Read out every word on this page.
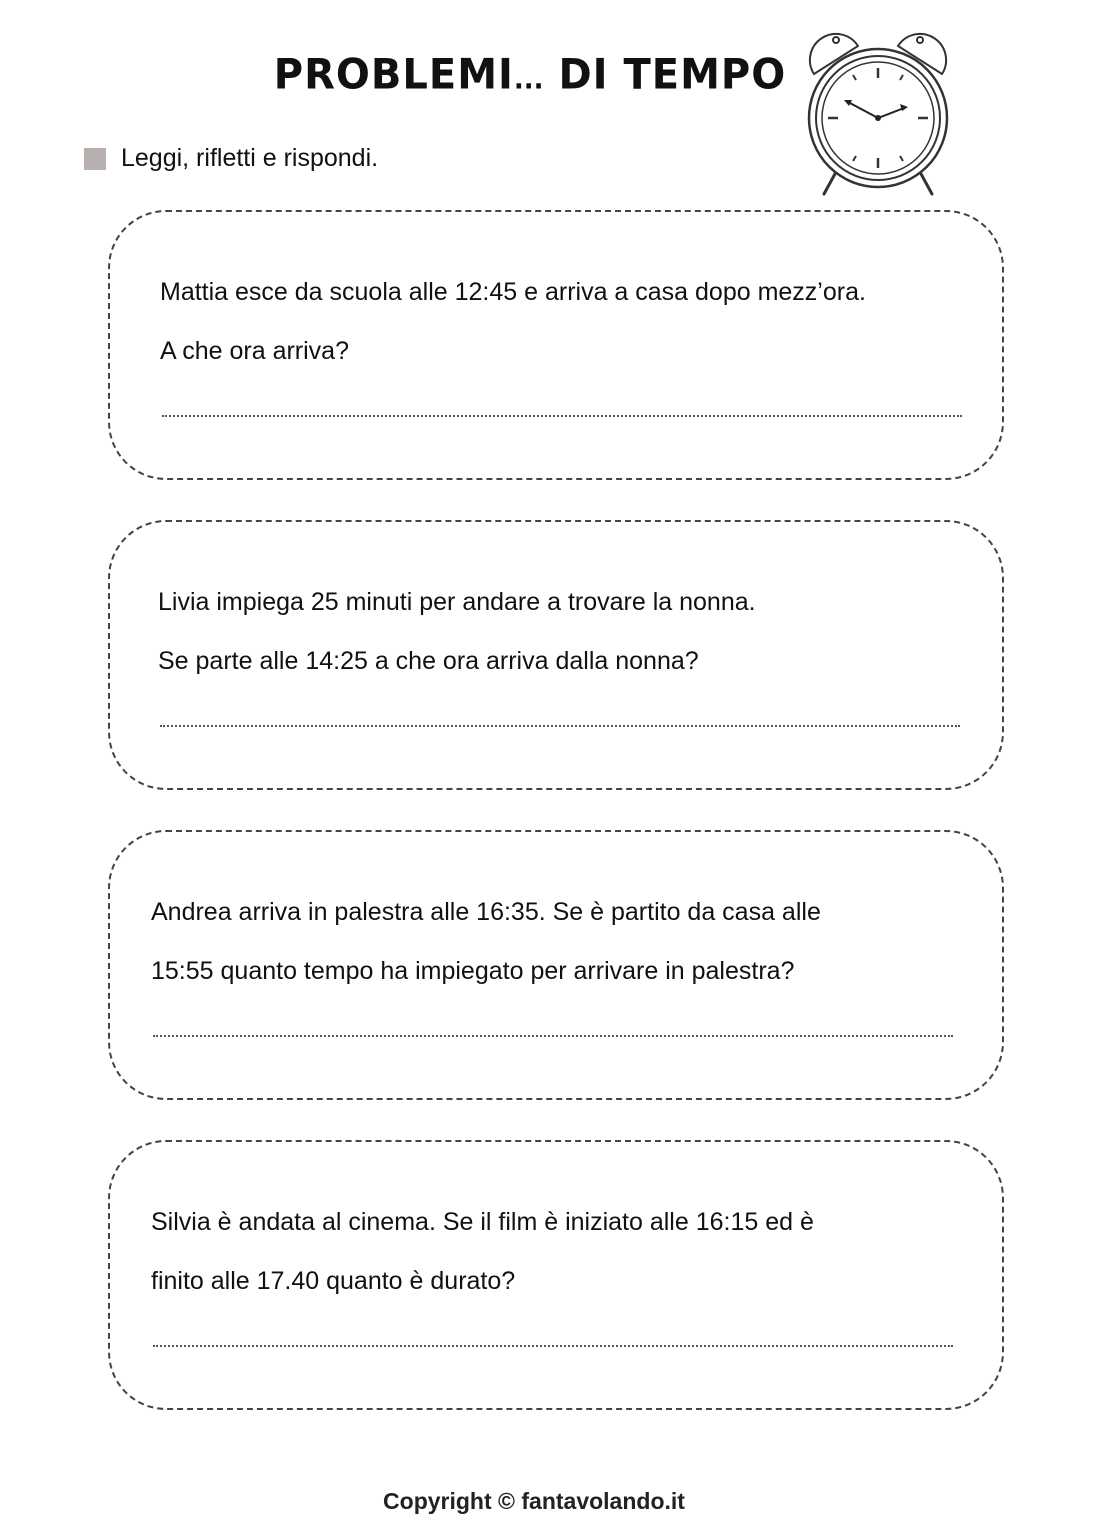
PROBLEMI... DI TEMPO
Leggi, rifletti e rispondi.
Mattia esce da scuola alle 12:45 e arriva a casa dopo mezz’ora.
A che ora arriva?
Livia impiega 25 minuti per andare a trovare la nonna.
Se parte alle 14:25 a che ora arriva dalla nonna?
Andrea arriva in palestra alle 16:35. Se è partito da casa alle
15:55 quanto tempo ha impiegato per arrivare in palestra?
Silvia è andata al cinema. Se il film è iniziato alle 16:15 ed è
finito alle 17.40 quanto è durato?
Copyright © fantavolando.it
